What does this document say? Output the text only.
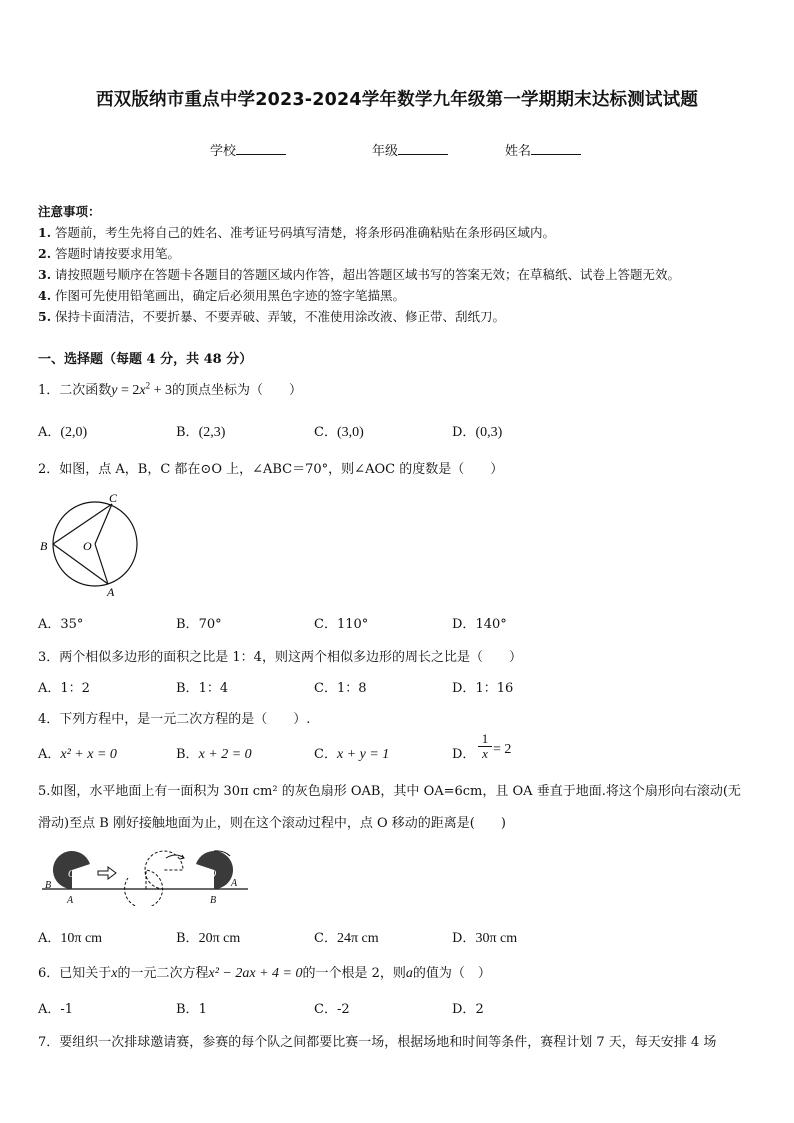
西双版纳市重点中学2023-2024学年数学九年级第一学期期末达标测试试题
学校	年级	姓名
注意事项：
1. 答题前，考生先将自己的姓名、准考证号码填写清楚，将条形码准确粘贴在条形码区域内。
2. 答题时请按要求用笔。
3. 请按照题号顺序在答题卡各题目的答题区域内作答，超出答题区域书写的答案无效；在草稿纸、试卷上答题无效。
4. 作图可先使用铅笔画出，确定后必须用黑色字迹的签字笔描黑。
5. 保持卡面清洁，不要折暴、不要弄破、弄皱，不准使用涂改液、修正带、刮纸刀。
一、选择题（每题 4 分，共 48 分）
1．二次函数$y = 2x^2 + 3$的顶点坐标为（　　）
A．(2,0)	B．(2,3)	C．(3,0)	D．(0,3)
2．如图，点 A，B，C 都在⊙O 上，∠ABC＝70°，则∠AOC 的度数是（　　）
C
B	O
A
A．35°	B．70°	C．110°	D．140°
3．两个相似多边形的面积之比是 1：4，则这两个相似多边形的周长之比是（　　）
A．1：2	B．1：4	C．1：8	D．1：16
4．下列方程中，是一元二次方程的是（　　）.
A．x² + x = 0	B．x + 2 = 0	C．x + y = 1	D． $\frac{1}{x} = 2$
5.如图，水平地面上有一面积为 30π cm² 的灰色扇形 OAB，其中 OA=6cm，且 OA 垂直于地面.将这个扇形向右滚动(无
滑动)至点 B 刚好接触地面为止，则在这个滚动过程中，点 O 移动的距离是(　　)
B
O
A
O
A
B
A．10π cm	B．20π cm	C．24π cm	D．30π cm
6．已知关于x的一元二次方程x² − 2ax + 4 = 0的一个根是 2，则a的值为（　）
A．-1	B．1	C．-2	D．2
7．要组织一次排球邀请赛，参赛的每个队之间都要比赛一场，根据场地和时间等条件，赛程计划 7 天，每天安排 4 场
